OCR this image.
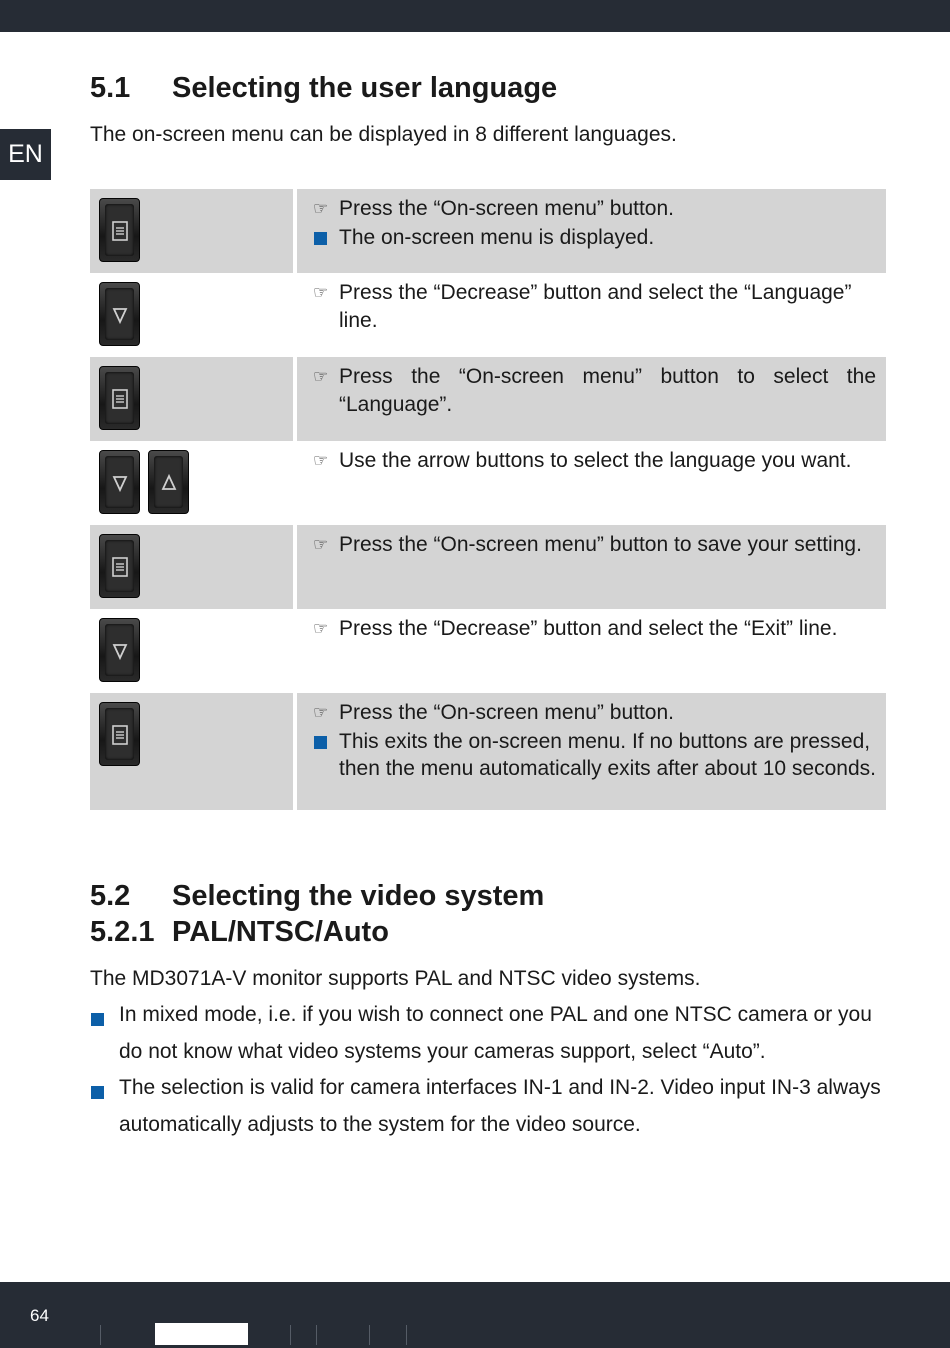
EN
5.1 Selecting the user language
The on-screen menu can be displayed in 8 different languages.
☞ Press the “On-screen menu” button.
The on-screen menu is displayed.
☞ Press the “Decrease” button and select the “Language” line.
☞ Press the “On-screen menu” button to select the “Language”.
☞ Use the arrow buttons to select the language you want.
☞ Press the “On-screen menu” button to save your setting.
☞ Press the “Decrease” button and select the “Exit” line.
☞ Press the “On-screen menu” button.
This exits the on-screen menu. If no buttons are pressed, then the menu automatically exits after about 10 seconds.
5.2 Selecting the video system
5.2.1 PAL/NTSC/Auto
The MD3071A-V monitor supports PAL and NTSC video systems.
In mixed mode, i.e. if you wish to connect one PAL and one NTSC camera or you do not know what video systems your cameras support, select “Auto”.
The selection is valid for camera interfaces IN-1 and IN-2. Video input IN-3 always automatically adjusts to the system for the video source.
64
